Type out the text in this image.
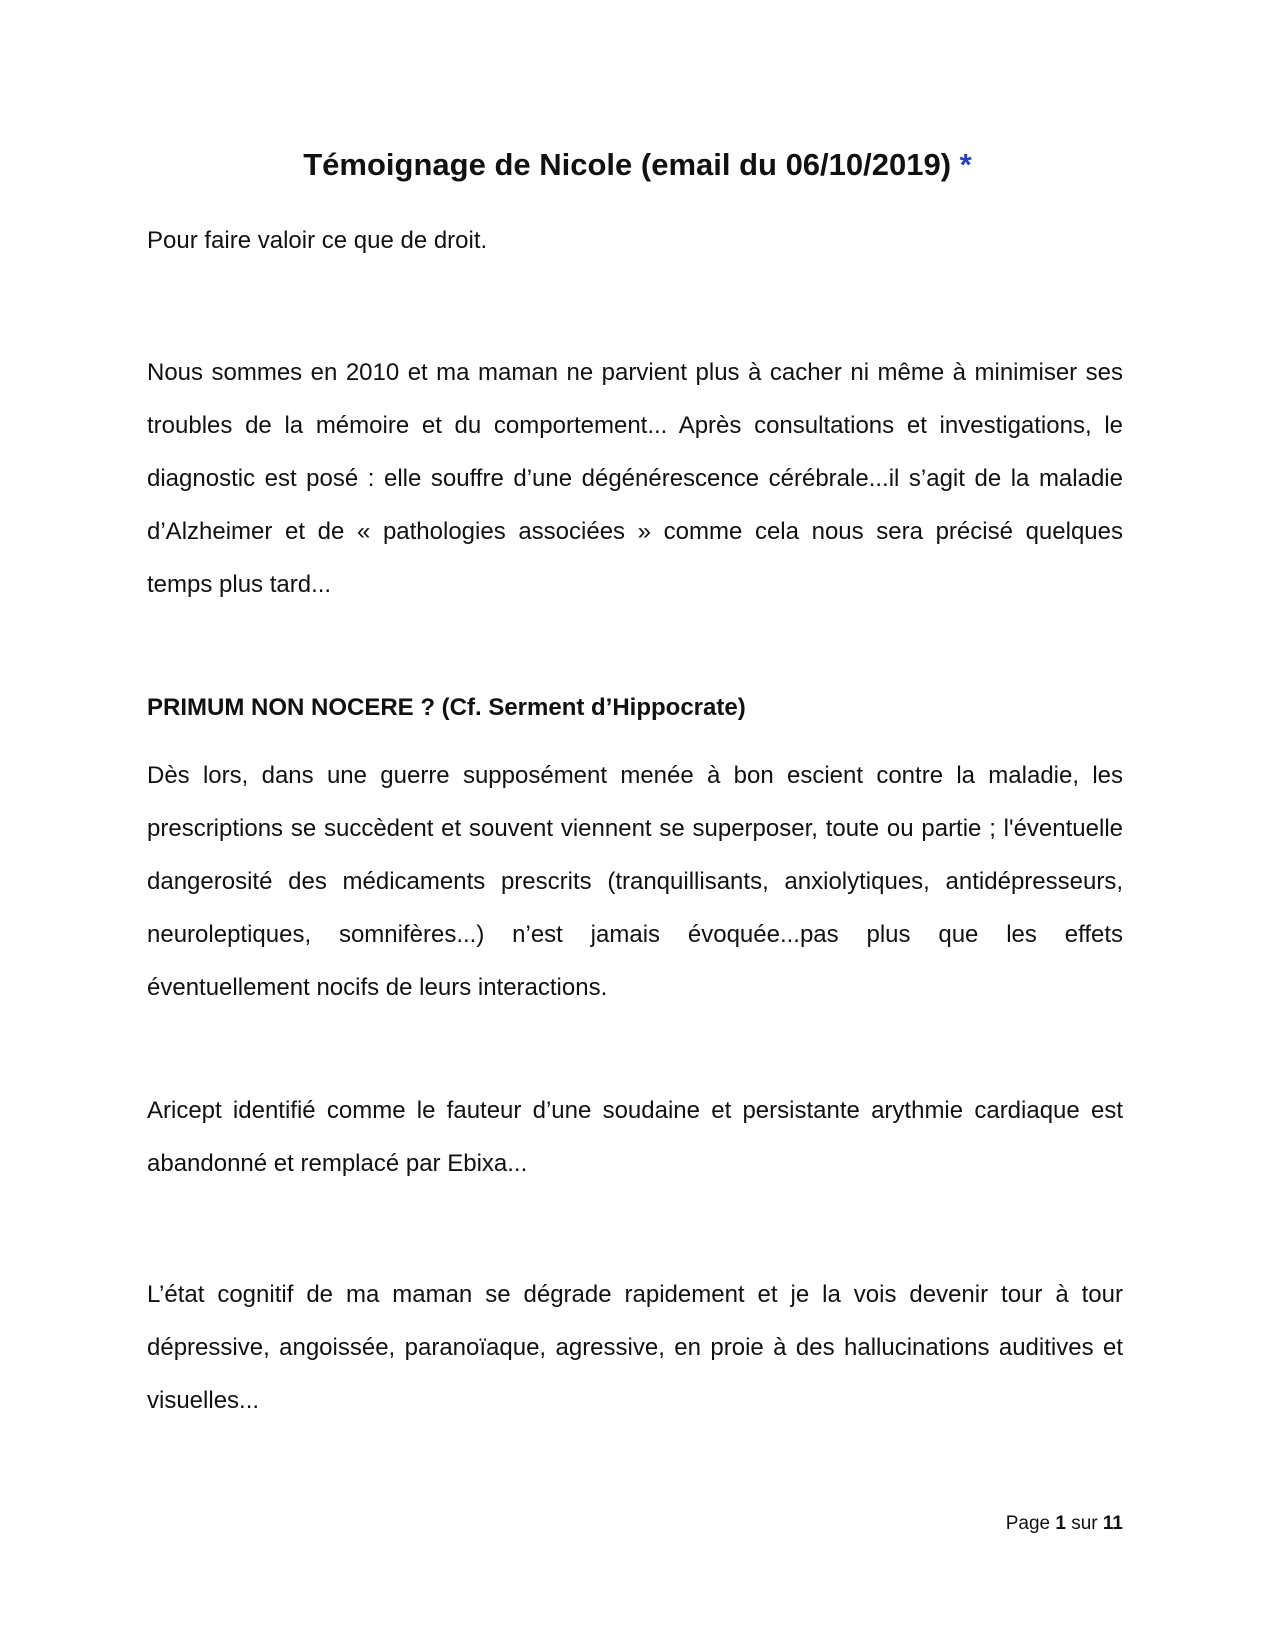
Témoignage de Nicole (email du 06/10/2019) *

Pour faire valoir ce que de droit.

Nous sommes en 2010 et ma maman ne parvient plus à cacher ni même à minimiser ses troubles de la mémoire et du comportement... Après consultations et investigations, le diagnostic est posé : elle souffre d’une dégénérescence cérébrale...il s’agit de la maladie d’Alzheimer et de « pathologies associées » comme cela nous sera précisé quelques temps plus tard...

PRIMUM NON NOCERE ? (Cf. Serment d’Hippocrate)

Dès lors, dans une guerre supposément menée à bon escient contre la maladie, les prescriptions se succèdent et souvent viennent se superposer, toute ou partie ; l'éventuelle dangerosité des médicaments prescrits (tranquillisants, anxiolytiques, antidépresseurs, neuroleptiques, somnifères...) n’est jamais évoquée...pas plus que les effets éventuellement nocifs de leurs interactions.

Aricept identifié comme le fauteur d’une soudaine et persistante arythmie cardiaque est abandonné et remplacé par Ebixa...

L’état cognitif de ma maman se dégrade rapidement et je la vois devenir tour à tour dépressive, angoissée, paranoïaque, agressive, en proie à des hallucinations auditives et visuelles...

Page 1 sur 11
